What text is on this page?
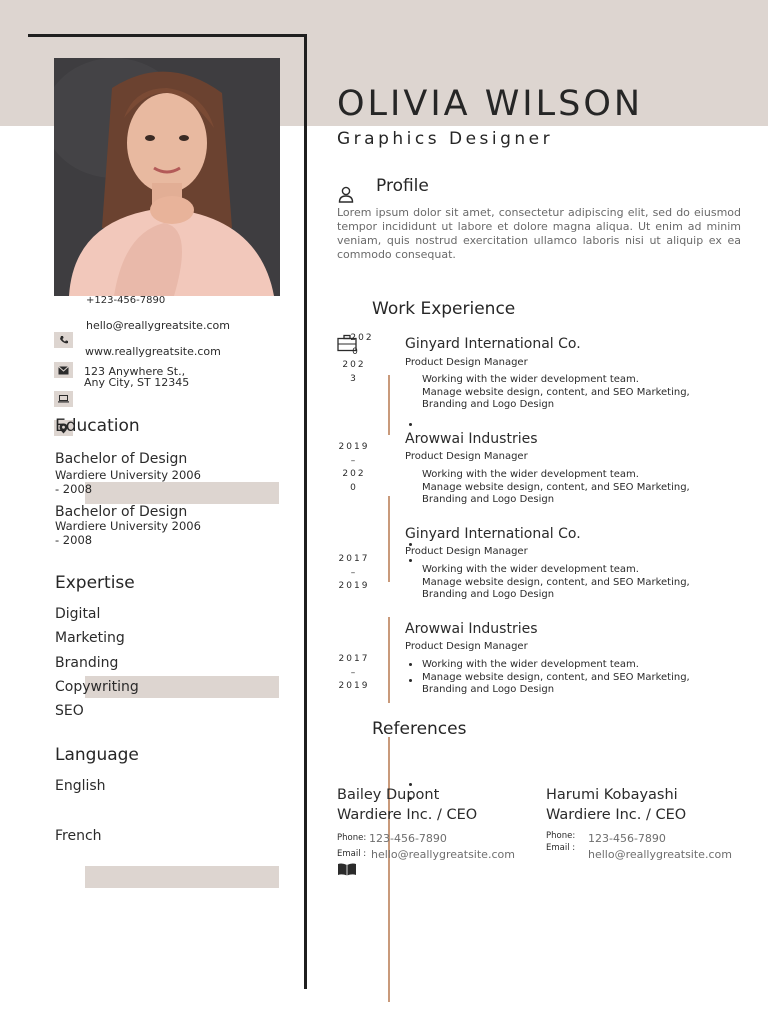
OLIVIA WILSON
Graphics Designer
Profile

Lorem ipsum dolor sit amet, consectetur adipiscing elit, sed do eiusmod tempor incididunt ut labore et dolore magna aliqua. Ut enim ad minim veniam, quis nostrud exercitation ullamco laboris nisi ut aliquip ex ea commodo consequat.

+123-456-7890
hello@reallygreatsite.com
www.reallygreatsite.com
123 Anywhere St.,
Any City, ST 12345
Education
Bachelor of Design
Wardiere University 2006
- 2008
Bachelor of Design
Wardiere University 2006
- 2008
Expertise
Digital
Marketing
Branding
Copywriting
SEO
Language
English
French
Work Experience
202
0
202
3
Ginyard International Co.
Product Design Manager
Working with the wider development team.
Manage website design, content, and SEO Marketing,
Branding and Logo Design
2019
–
202
0
Arowwai Industries
Product Design Manager
Working with the wider development team.
Manage website design, content, and SEO Marketing,
Branding and Logo Design
2017
–
2019
Ginyard International Co.
Product Design Manager
Working with the wider development team.
Manage website design, content, and SEO Marketing,
Branding and Logo Design
2017
–
2019
Arowwai Industries
Product Design Manager
Working with the wider development team.
Manage website design, content, and SEO Marketing,
Branding and Logo Design
References
Bailey Dupont
Wardiere Inc. / CEO
Phone: 123-456-7890
Email : hello@reallygreatsite.com
Harumi Kobayashi
Wardiere Inc. / CEO
Phone: 123-456-7890
Email : hello@reallygreatsite.com
